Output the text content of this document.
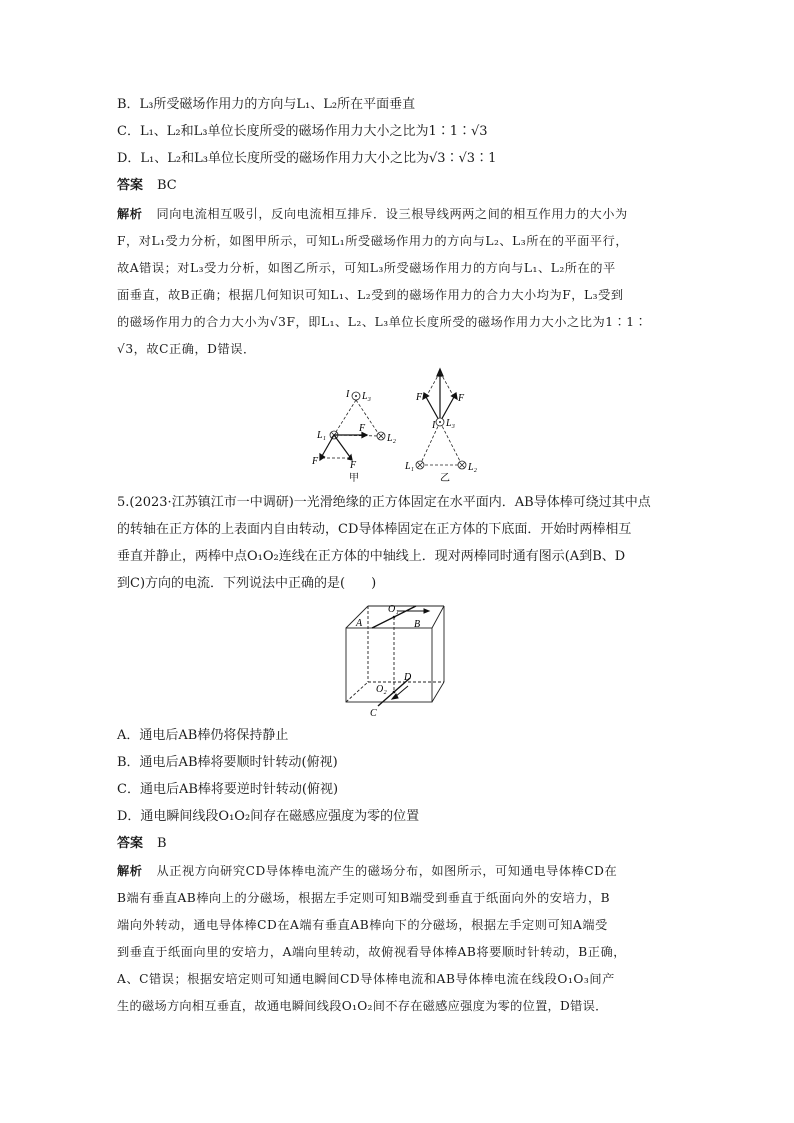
B．L₃所受磁场作用力的方向与L₁、L₂所在平面垂直
C．L₁、L₂和L₃单位长度所受的磁场作用力大小之比为1∶1∶√3
D．L₁、L₂和L₃单位长度所受的磁场作用力大小之比为√3∶√3∶1
答案 BC
解析 同向电流相互吸引，反向电流相互排斥．设三根导线两两之间的相互作用力的大小为
F，对L₁受力分析，如图甲所示，可知L₁所受磁场作用力的方向与L₂、L₃所在的平面平行，
故A错误；对L₃受力分析，如图乙所示，可知L₃所受磁场作用力的方向与L₁、L₂所在的平
面垂直，故B正确；根据几何知识可知L₁、L₂受到的磁场作用力的合力大小均为F，L₃受到
的磁场作用力的合力大小为√3F，即L₁、L₂、L₃单位长度所受的磁场作用力大小之比为1∶1∶
√3，故C正确，D错误．
I L₃
L₁	L₂
F
F	F
甲
F	F
I L₃
L₁	L₂
乙
5.(2023·江苏镇江市一中调研)一光滑绝缘的正方体固定在水平面内．AB导体棒可绕过其中点
的转轴在正方体的上表面内自由转动，CD导体棒固定在正方体的下底面．开始时两棒相互
垂直并静止，两棒中点O₁O₂连线在正方体的中轴线上．现对两棒同时通有图示(A到B、D
到C)方向的电流．下列说法中正确的是(　　)
O₁
A	B
D
O₂
C
A．通电后AB棒仍将保持静止
B．通电后AB棒将要顺时针转动(俯视)
C．通电后AB棒将要逆时针转动(俯视)
D．通电瞬间线段O₁O₂间存在磁感应强度为零的位置
答案 B
解析 从正视方向研究CD导体棒电流产生的磁场分布，如图所示，可知通电导体棒CD在
B端有垂直AB棒向上的分磁场，根据左手定则可知B端受到垂直于纸面向外的安培力，B
端向外转动，通电导体棒CD在A端有垂直AB棒向下的分磁场，根据左手定则可知A端受
到垂直于纸面向里的安培力，A端向里转动，故俯视看导体棒AB将要顺时针转动，B正确，
A、C错误；根据安培定则可知通电瞬间CD导体棒电流和AB导体棒电流在线段O₁O₃间产
生的磁场方向相互垂直，故通电瞬间线段O₁O₂间不存在磁感应强度为零的位置，D错误．
